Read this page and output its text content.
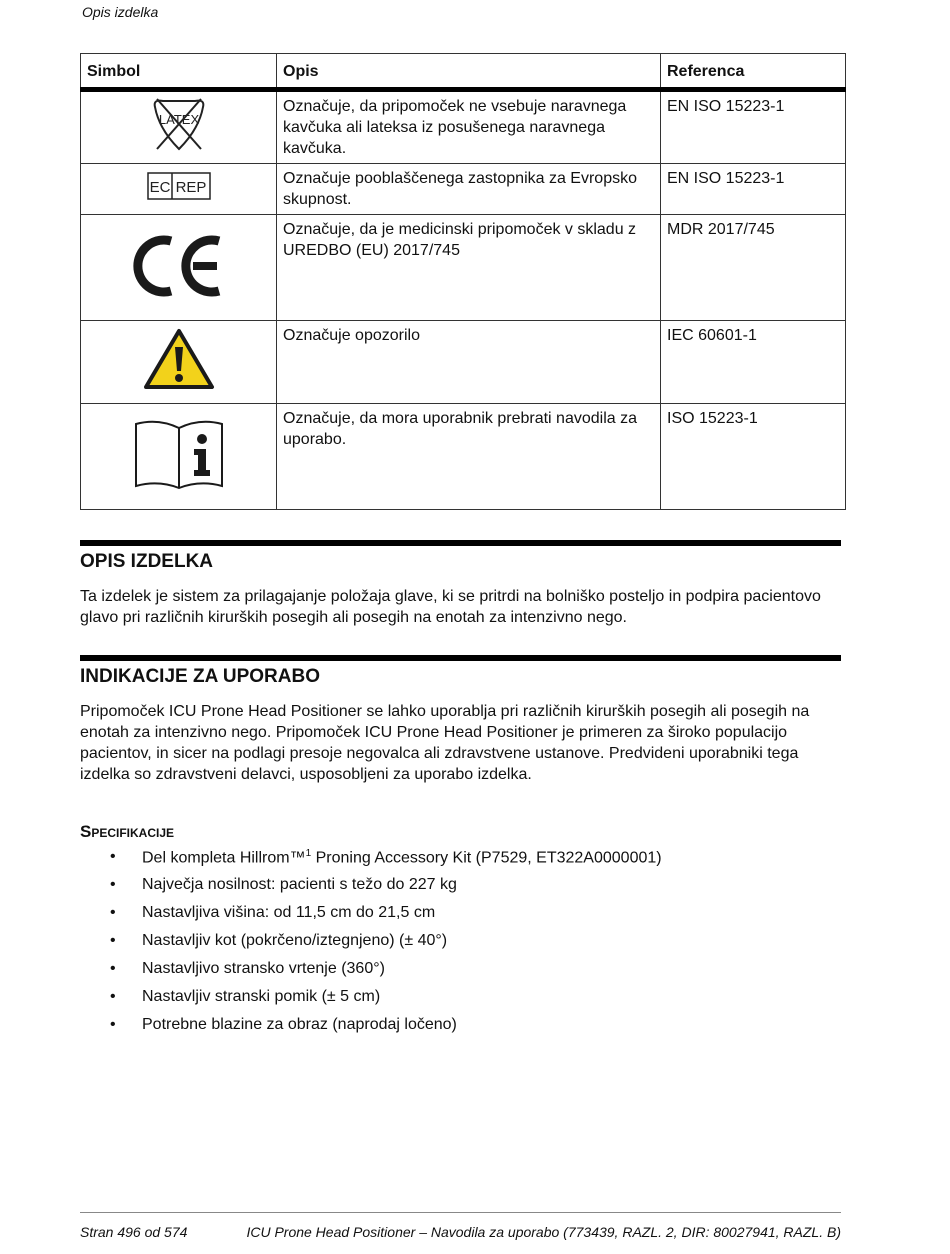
Opis izdelka
Simbol	Opis	Referenca

LATEX	Označuje, da pripomoček ne vsebuje naravnega kavčuka ali lateksa iz posušenega naravnega kavčuka.	EN ISO 15223-1

EC REP	Označuje pooblaščenega zastopnika za Evropsko skupnost.	EN ISO 15223-1
	Označuje, da je medicinski pripomoček v skladu z UREDBO (EU) 2017/745	MDR 2017/745
	Označuje opozorilo	IEC 60601-1
	Označuje, da mora uporabnik prebrati navodila za uporabo.	ISO 15223-1
OPIS IZDELKA

Ta izdelek je sistem za prilagajanje položaja glave, ki se pritrdi na bolniško posteljo in podpira pacientovo glavo pri različnih kirurških posegih ali posegih na enotah za intenzivno nego.

INDIKACIJE ZA UPORABO

Pripomoček ICU Prone Head Positioner se lahko uporablja pri različnih kirurških posegih ali posegih na enotah za intenzivno nego. Pripomoček ICU Prone Head Positioner je primeren za široko populacijo pacientov, in sicer na podlagi presoje negovalca ali zdravstvene ustanove. Predvideni uporabniki tega izdelka so zdravstveni delavci, usposobljeni za uporabo izdelka.

Specifikacije
• Del kompleta Hillrom™$^1$ Proning Accessory Kit (P7529, ET322A0000001)
• Največja nosilnost: pacienti s težo do 227 kg
• Nastavljiva višina: od 11,5 cm do 21,5 cm
• Nastavljiv kot (pokrčeno/iztegnjeno) (± 40°)
• Nastavljivo stransko vrtenje (360°)
• Nastavljiv stranski pomik (± 5 cm)
• Potrebne blazine za obraz (naprodaj ločeno)
Stran 496 od 574	ICU Prone Head Positioner – Navodila za uporabo (773439, RAZL. 2, DIR: 80027941, RAZL. B)
